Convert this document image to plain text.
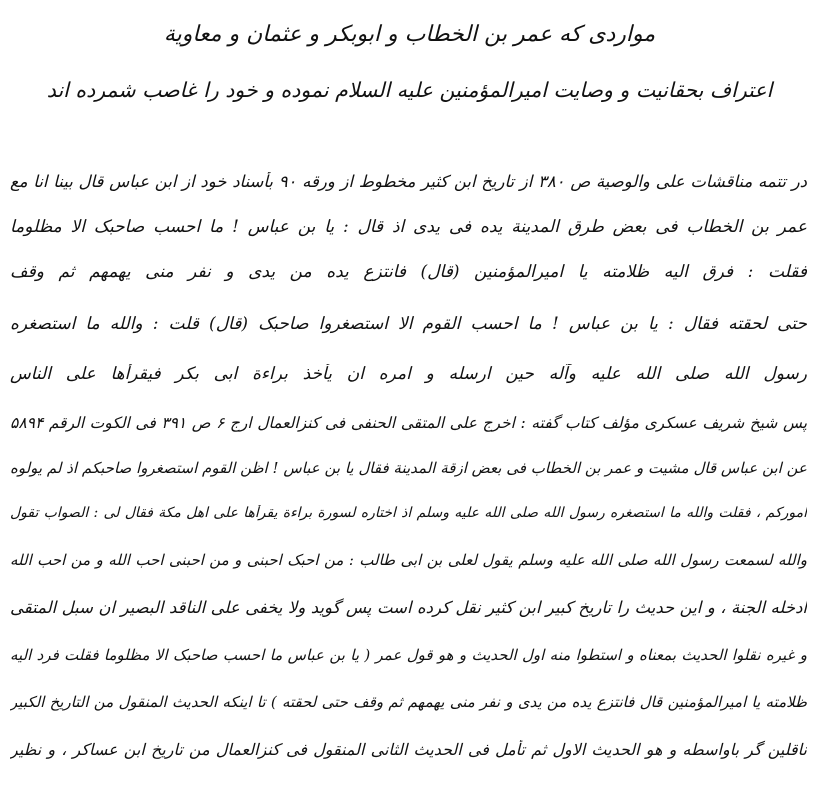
مواردی که عمر بن الخطاب و ابوبکر و عثمان و معاویة
اعتراف بحقانیت و وصایت امیرالمؤمنین علیه السلام نموده و خود را غاصب شمرده اند
در تتمه مناقشات علی والوصیة ص ۳۸۰ از تاریخ ابن کثیر مخطوط از ورقه ۹۰ بأسناد خود از ابن عباس قال بینا انا مع
عمر بن الخطاب فی بعض طرق المدینة یده فی یدی اذ قال : یا بن عباس ! ما احسب صاحبک الا مظلوما
فقلت : فرق الیه ظلامته یا امیرالمؤمنین (قال) فانتزع یده من یدی و نفر منی یهمهم ثم وقف
حتی لحقته فقال : یا بن عباس ! ما احسب القوم الا استصغروا صاحبک (قال) قلت : والله ما استصغره
رسول الله صلی الله علیه وآله حین ارسله و امره ان یأخذ براءة ابی بکر فیقرأها علی الناس
پس شیخ شریف عسکری مؤلف کتاب گفته : اخرج علی المتقی الحنفی فی کنزالعمال ارج ۶ ص ۳۹۱ فی الکوت الرقم ۵۸۹۴
عن ابن عباس قال مشیت و عمر بن الخطاب فی بعض ازقة المدینة فقال یا بن عباس ! اظن القوم استصغروا صاحبکم اذ لم یولوه
امورکم ، فقلت والله ما استصغره رسول الله صلی الله علیه وسلم اذ اختاره لسورة براءة یقرأها علی اهل مکة فقال لی : الصواب تقول
والله لسمعت رسول الله صلی الله علیه وسلم یقول لعلی بن ابی طالب : من احبک احبنی و من احبنی احب الله و من احب الله
ادخله الجنة ، و این حدیث را تاریخ کبیر ابن کثیر نقل کرده است پس گوید ولا یخفی علی الناقد البصیر ان سبل المتقی
و غیره نقلوا الحدیث بمعناه و استطوا منه اول الحدیث و هو قول عمر ( یا بن عباس ما احسب صاحبک الا مظلوما فقلت فرد الیه
ظلامته یا امیرالمؤمنین قال فانتزع یده من یدی و نفر منی یهمهم ثم وقف حتی لحقته ) تا اینکه الحدیث المنقول من التاریخ الکبیر
ناقلین گر باواسطه و هو الحدیث الاول ثم تأمل فی الحدیث الثانی المنقول فی کنزالعمال من تاریخ ابن عساکر ، و نظیر
